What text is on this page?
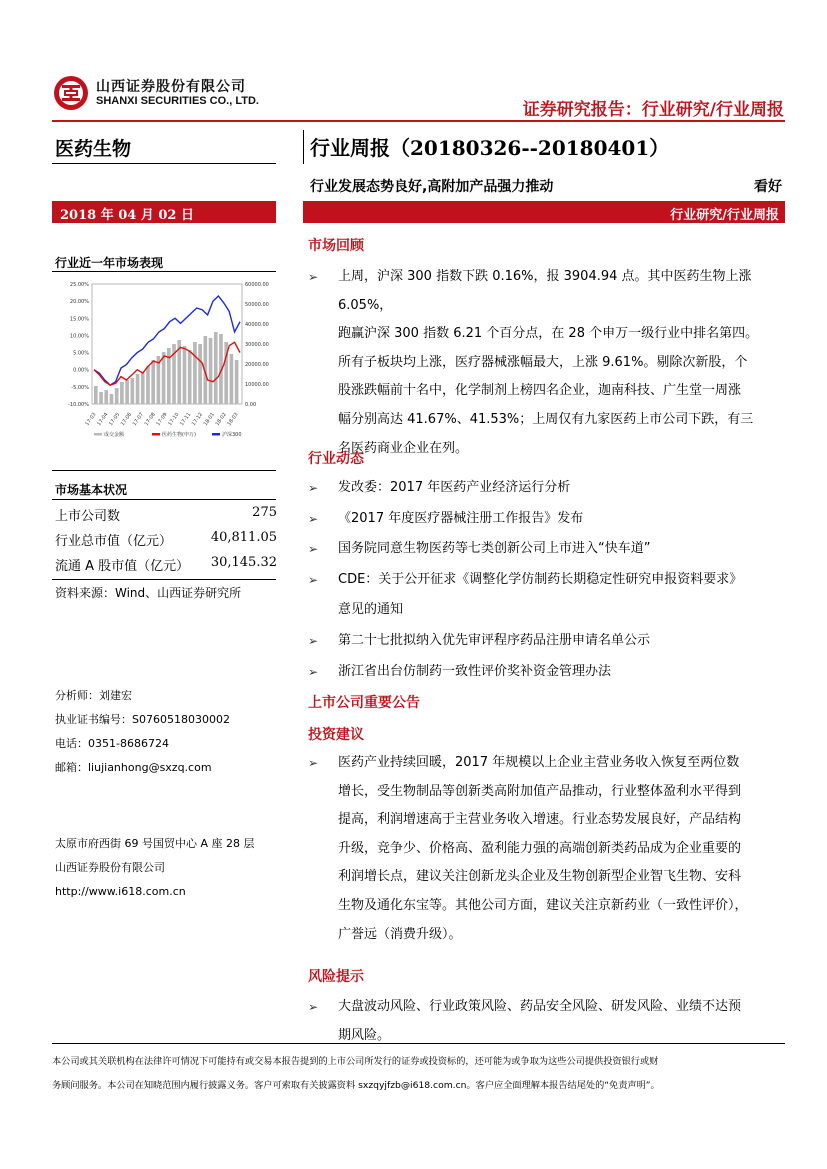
山西证券股份有限公司
SHANXI SECURITIES CO., LTD.	证券研究报告：行业研究/行业周报
医药生物	行业周报（20180326--20180401）
行业发展态势良好,高附加产品强力推动	看好
2018 年 04 月 02 日	行业研究/行业周报
行业近一年市场表现
25.00%
20.00%
15.00%
10.00%
5.00%
0.00%
-5.00%
-10.00%
60000.00
50000.00
40000.00
30000.00
20000.00
10000.00
0.00
17-03
17-04
17-05
17-06
17-07
17-08
17-09
17-10
17-11
17-12
18-01
18-02
18-03
成交金额	医药生物(申万)	沪深300
市场基本状况
上市公司数	275
行业总市值（亿元）	40,811.05
流通 A 股市值（亿元） 30,145.32
资料来源：Wind、山西证券研究所
分析师：刘建宏
执业证书编号：S0760518030002
电话：0351-8686724
邮箱：liujianhong@sxzq.com
太原市府西街 69 号国贸中心 A 座 28 层
山西证券股份有限公司
http://www.i618.com.cn
市场回顾
➢ 上周，沪深 300 指数下跌 0.16%，报 3904.94 点。其中医药生物上涨 6.05%，
跑赢沪深 300 指数 6.21 个百分点，在 28 个申万一级行业中排名第四。
所有子板块均上涨，医疗器械涨幅最大，上涨 9.61%。剔除次新股，个
股涨跌幅前十名中，化学制剂上榜四名企业，迦南科技、广生堂一周涨
幅分别高达 41.67%、41.53%；上周仅有九家医药上市公司下跌，有三
名医药商业企业在列。
行业动态
➢ 发改委：2017 年医药产业经济运行分析
➢ 《2017 年度医疗器械注册工作报告》发布
➢ 国务院同意生物医药等七类创新公司上市进入“快车道”
➢ CDE：关于公开征求《调整化学仿制药长期稳定性研究申报资料要求》
意见的通知
➢ 第二十七批拟纳入优先审评程序药品注册申请名单公示
➢ 浙江省出台仿制药一致性评价奖补资金管理办法
上市公司重要公告
投资建议
➢ 医药产业持续回暖，2017 年规模以上企业主营业务收入恢复至两位数
增长，受生物制品等创新类高附加值产品推动，行业整体盈利水平得到
提高，利润增速高于主营业务收入增速。行业态势发展良好，产品结构
升级，竞争少、价格高、盈利能力强的高端创新类药品成为企业重要的
利润增长点，建议关注创新龙头企业及生物创新型企业智飞生物、安科
生物及通化东宝等。其他公司方面，建议关注京新药业（一致性评价），
广誉远（消费升级）。
风险提示
➢ 大盘波动风险、行业政策风险、药品安全风险、研发风险、业绩不达预
期风险。
本公司或其关联机构在法律许可情况下可能持有或交易本报告提到的上市公司所发行的证券或投资标的，还可能为或争取为这些公司提供投资银行或财
务顾问服务。本公司在知晓范围内履行披露义务。客户可索取有关披露资料 sxzqyjfzb@i618.com.cn。客户应全面理解本报告结尾处的“免责声明”。
